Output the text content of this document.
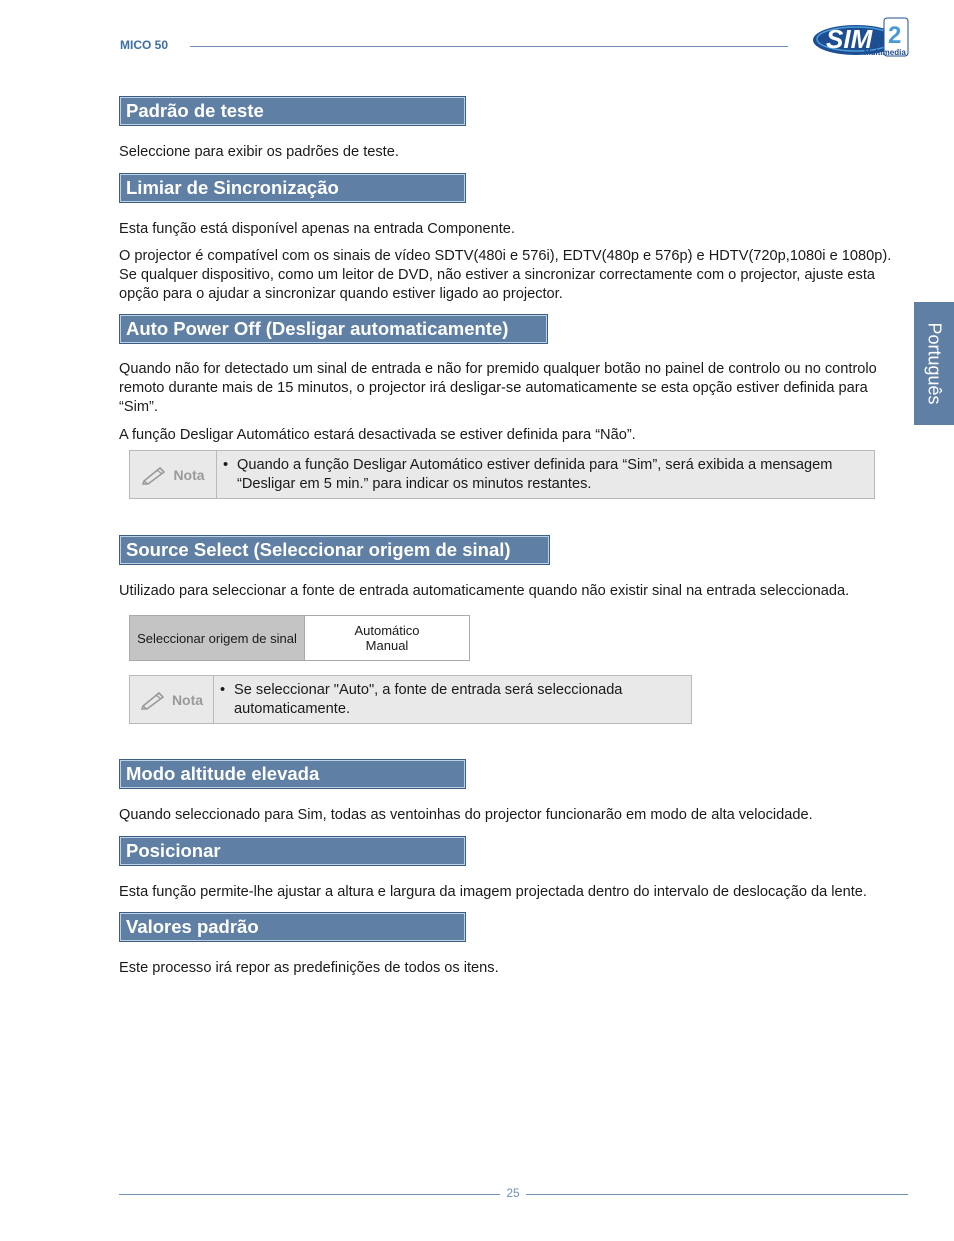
MICO 50	SIM 2
Multimedia
Português
Padrão de teste

Seleccione para exibir os padrões de teste.

Limiar de Sincronização

Esta função está disponível apenas na entrada Componente.

O projector é compatível com os sinais de vídeo SDTV(480i e 576i), EDTV(480p e 576p) e HDTV(720p,1080i e 1080p). Se qualquer dispositivo, como um leitor de DVD, não estiver a sincronizar correctamente com o projector, ajuste esta opção para o ajudar a sincronizar quando estiver ligado ao projector.

Auto Power Off (Desligar automaticamente)

Quando não for detectado um sinal de entrada e não for premido qualquer botão no painel de controlo ou no controlo remoto durante mais de 15 minutos, o projector irá desligar-se automaticamente se esta opção estiver definida para “Sim”.

A função Desligar Automático estará desactivada se estiver definida para “Não”.

Nota
• Quando a função Desligar Automático estiver definida para “Sim”, será exibida a mensagem “Desligar em 5 min.” para indicar os minutos restantes.
Source Select (Seleccionar origem de sinal)

Utilizado para seleccionar a fonte de entrada automaticamente quando não existir sinal na entrada seleccionada.

Seleccionar origem de sinal	Automático
Manual
Nota
• Se seleccionar "Auto", a fonte de entrada será seleccionada automaticamente.
Modo altitude elevada

Quando seleccionado para Sim, todas as ventoinhas do projector funcionarão em modo de alta velocidade.

Posicionar

Esta função permite-lhe ajustar a altura e largura da imagem projectada dentro do intervalo de deslocação da lente.

Valores padrão

Este processo irá repor as predefinições de todos os itens.

25
